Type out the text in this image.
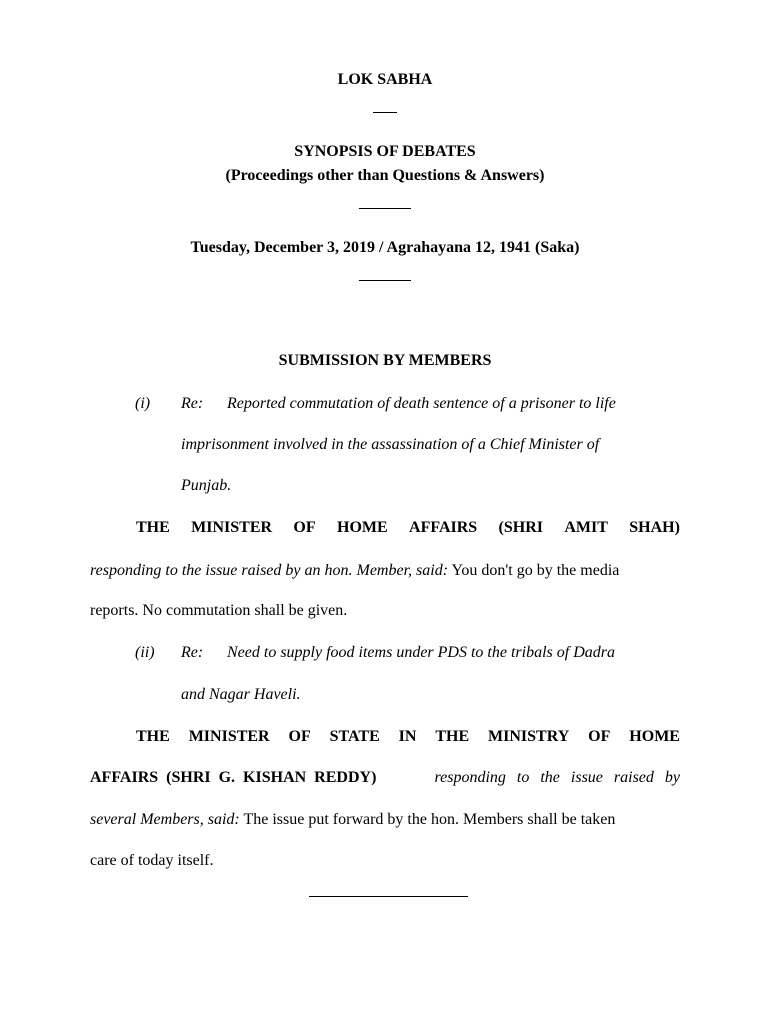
LOK SABHA
SYNOPSIS OF DEBATES
(Proceedings other than Questions & Answers)
Tuesday, December 3, 2019 / Agrahayana 12, 1941 (Saka)
SUBMISSION BY MEMBERS
(i) Re: Reported commutation of death sentence of a prisoner to life
imprisonment involved in the assassination of a Chief Minister of
Punjab.
THE MINISTER OF HOME AFFAIRS (SHRI AMIT SHAH)
responding to the issue raised by an hon. Member, said: You don't go by the media
reports. No commutation shall be given.
(ii) Re: Need to supply food items under PDS to the tribals of Dadra
and Nagar Haveli.
THE MINISTER OF STATE IN THE MINISTRY OF HOME
AFFAIRS (SHRI G. KISHAN REDDY)	responding to the issue raised by
several Members, said: The issue put forward by the hon. Members shall be taken
care of today itself.
